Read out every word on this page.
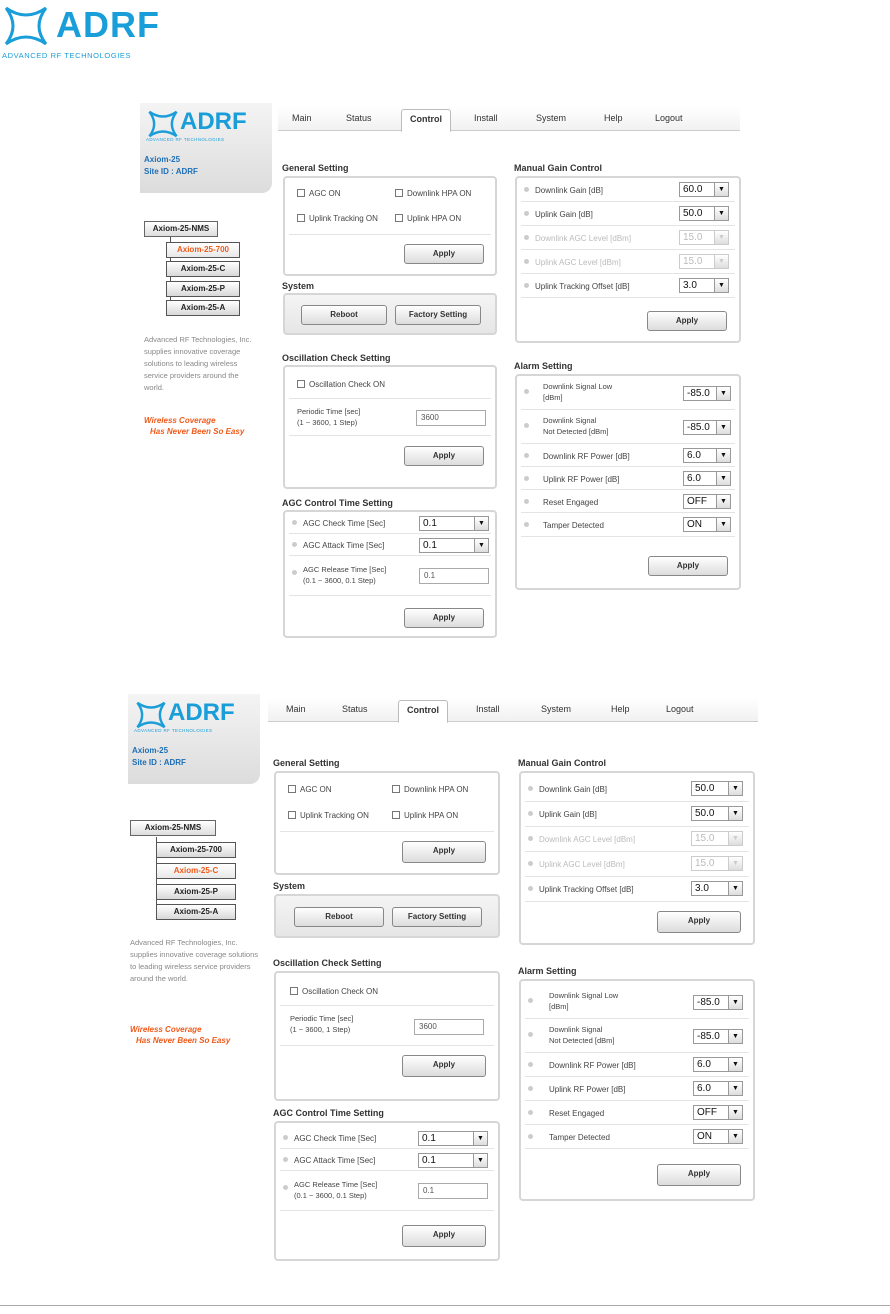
ADRF
ADVANCED RF TECHNOLOGIES
ADRF
ADVANCED RF TECHNOLOGIES
Axiom-25
Site ID : ADRF
Axiom-25-NMS
Axiom-25-700
Axiom-25-C
Axiom-25-P
Axiom-25-A
Advanced RF Technologies, Inc. supplies innovative coverage solutions to leading wireless service providers around the world.
Wireless Coverage
Has Never Been So Easy
Main	Status	Control	Install	System	Help	Logout
General Setting
AGC ON	Downlink HPA ON
Uplink Tracking ON	Uplink HPA ON
Apply
System
Reboot	Factory Setting
Oscillation Check Setting
Oscillation Check ON
Periodic Time [sec]
(1 ~ 3600, 1 Step)
3600
Apply
AGC Control Time Setting
AGC Check Time [Sec]	0.1	▼
AGC Attack Time [Sec]	0.1	▼
AGC Release Time [Sec]
(0.1 ~ 3600, 0.1 Step)
0.1
Apply
Manual Gain Control
Downlink Gain [dB]	60.0	▼
Uplink Gain [dB]	50.0	▼
Downlink AGC Level [dBm]	15.0	▼
Uplink AGC Level [dBm]	15.0	▼
Uplink Tracking Offset [dB]	3.0	▼
Apply
Alarm Setting
Downlink Signal Low
[dBm]	-85.0	▼
Downlink Signal
Not Detected [dBm]	-85.0	▼
Downlink RF Power [dB]	6.0	▼
Uplink RF Power [dB]	6.0	▼
Reset Engaged	OFF	▼
Tamper Detected	ON	▼
Apply
ADRF
ADVANCED RF TECHNOLOGIES
Axiom-25
Site ID : ADRF
Axiom-25-NMS
Axiom-25-700
Axiom-25-C
Axiom-25-P
Axiom-25-A
Advanced RF Technologies, Inc. supplies innovative coverage solutions to leading wireless service providers around the world.
Wireless Coverage
Has Never Been So Easy
Main	Status	Control	Install	System	Help	Logout
General Setting
AGC ON	Downlink HPA ON
Uplink Tracking ON	Uplink HPA ON
Apply
System
Reboot	Factory Setting
Oscillation Check Setting
Oscillation Check ON
Periodic Time [sec]
(1 ~ 3600, 1 Step)	3600
Apply
AGC Control Time Setting
AGC Check Time [Sec]	0.1	▼
AGC Attack Time [Sec]	0.1	▼
AGC Release Time [Sec]
(0.1 ~ 3600, 0.1 Step)
0.1
Apply
Manual Gain Control
Downlink Gain [dB]	50.0	▼
Uplink Gain [dB]	50.0	▼
Downlink AGC Level [dBm]	15.0	▼
Uplink AGC Level [dBm]	15.0	▼
Uplink Tracking Offset [dB]	3.0	▼
Apply
Alarm Setting
Downlink Signal Low
[dBm]	-85.0	▼
Downlink Signal
Not Detected [dBm]	-85.0	▼
Downlink RF Power [dB]	6.0	▼
Uplink RF Power [dB]	6.0	▼
Reset Engaged	OFF	▼
Tamper Detected	ON	▼
Apply
